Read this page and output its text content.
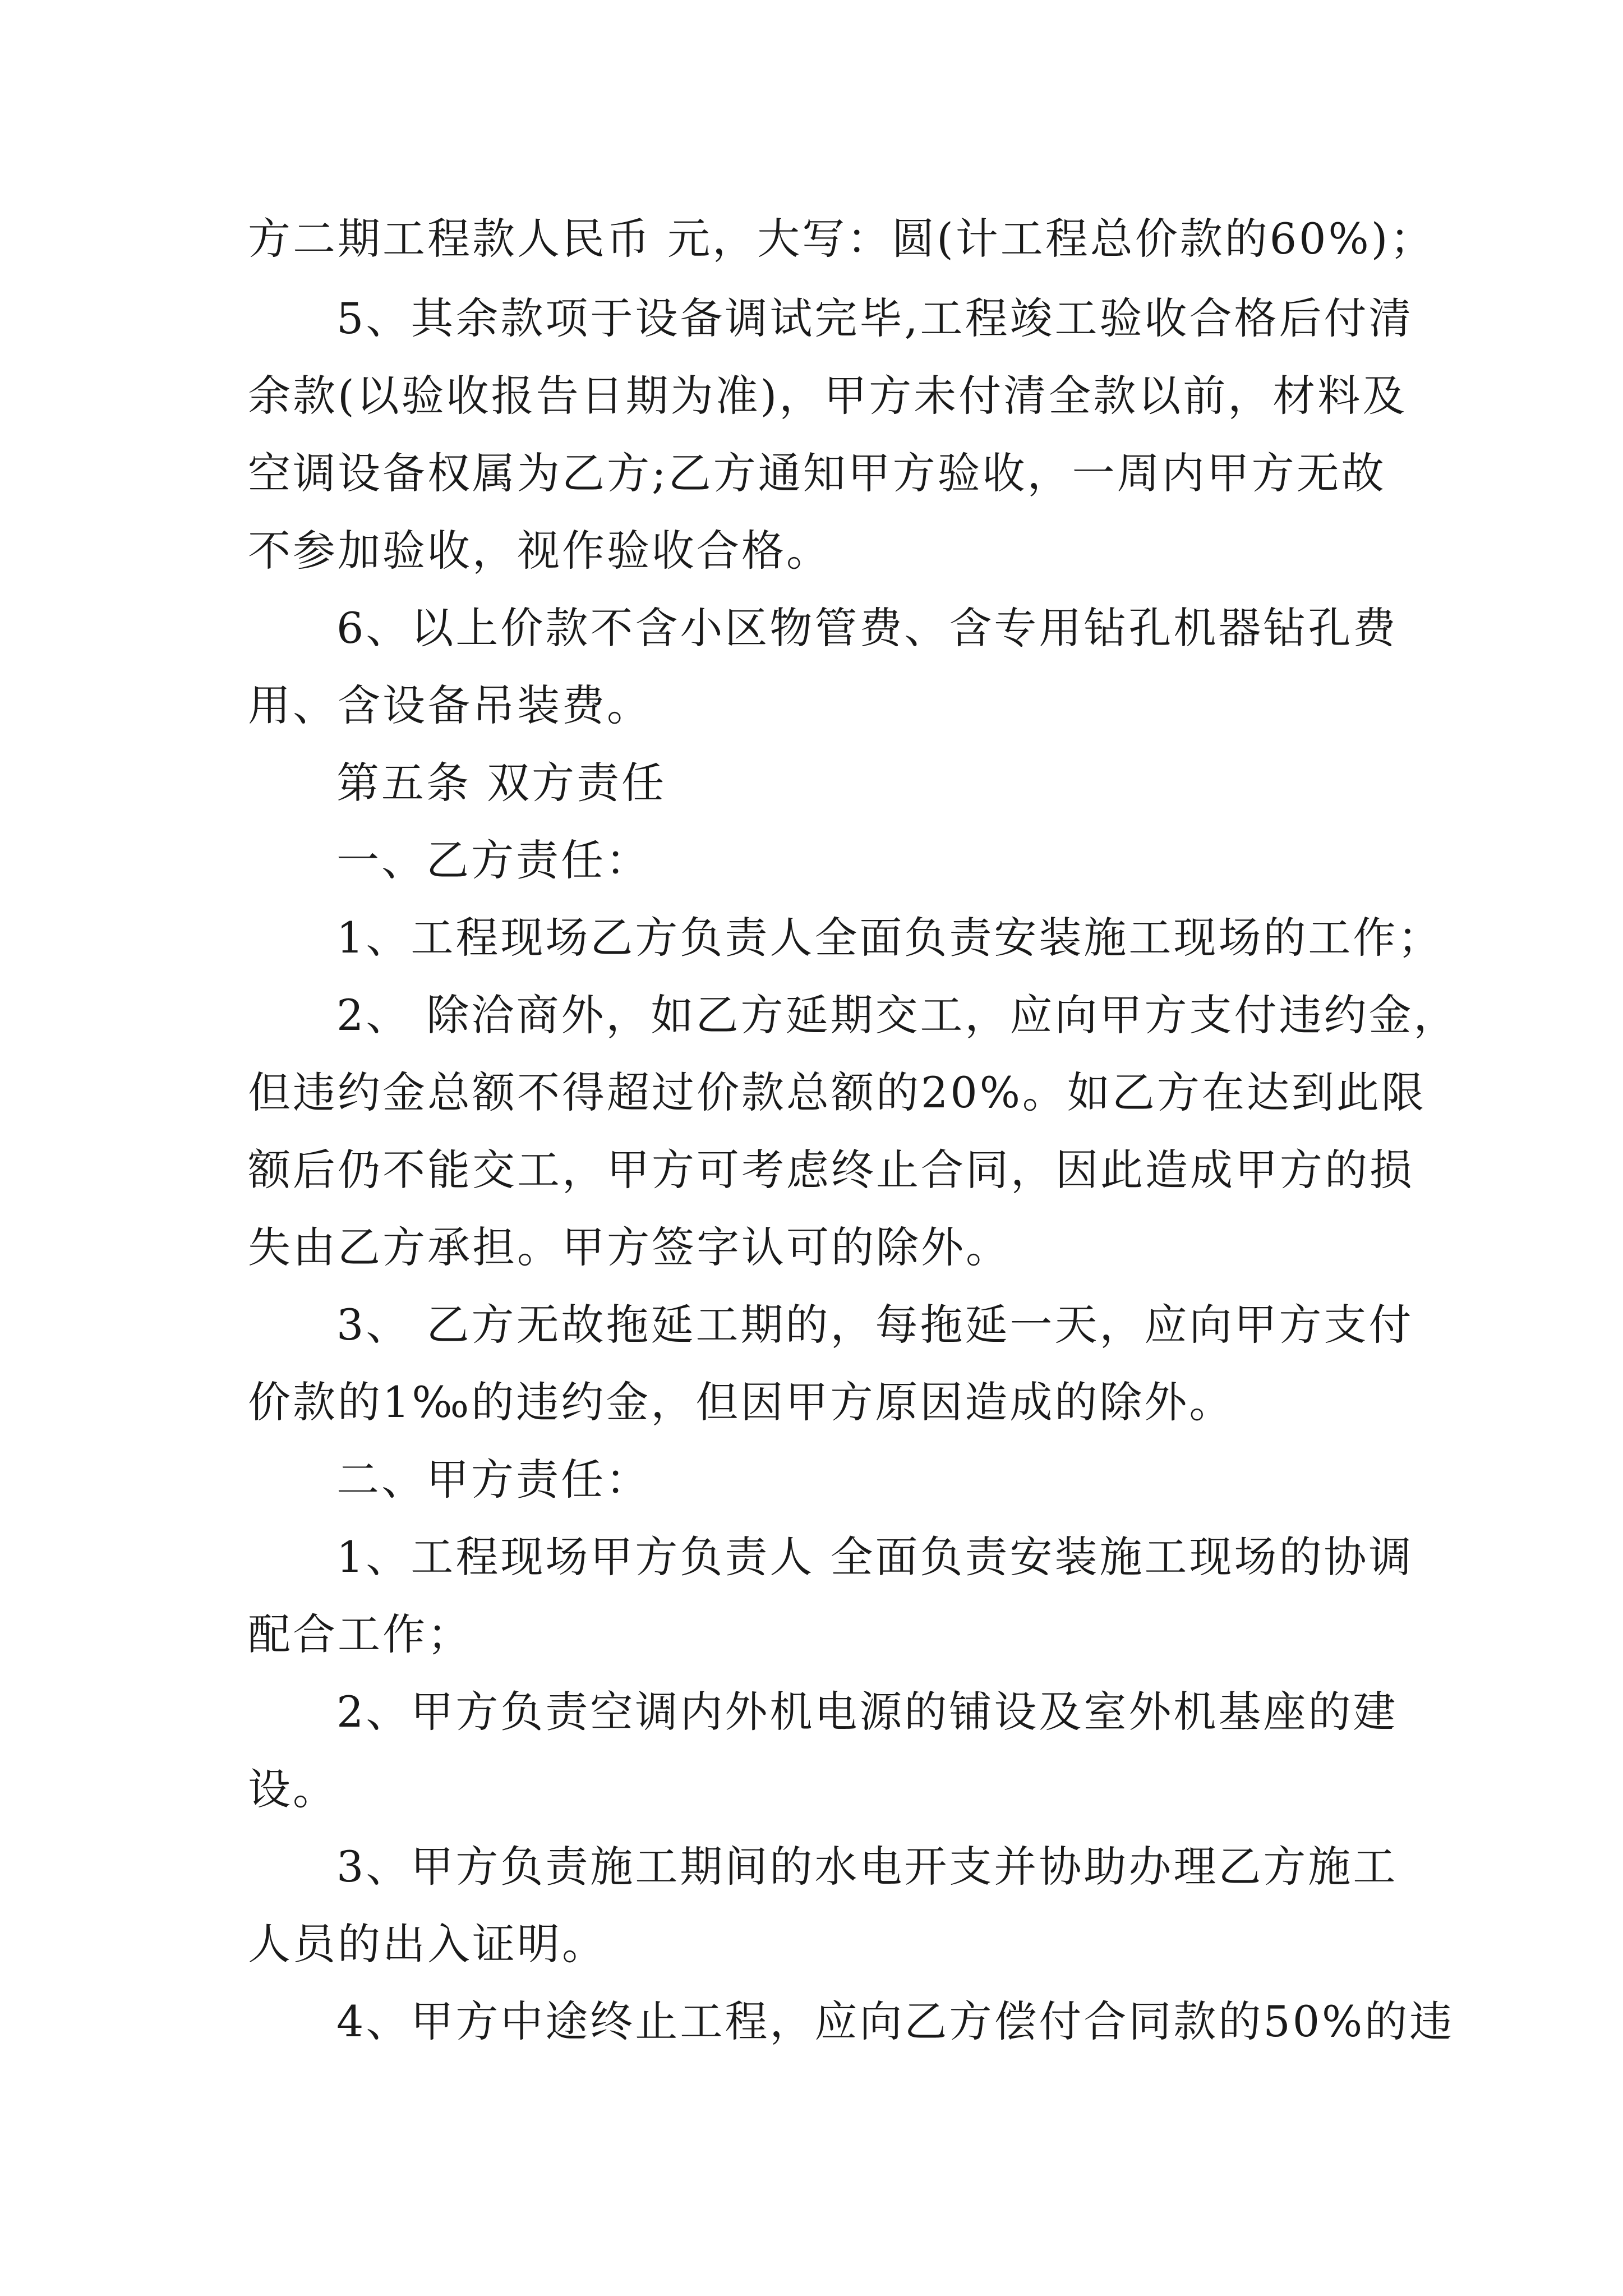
方二期工程款人民币 元，大写：圆(计工程总价款的60%)；
5、其余款项于设备调试完毕,工程竣工验收合格后付清
余款(以验收报告日期为准)，甲方未付清全款以前，材料及
空调设备权属为乙方;乙方通知甲方验收，一周内甲方无故
不参加验收，视作验收合格。
6、以上价款不含小区物管费、含专用钻孔机器钻孔费
用、含设备吊装费。
第五条 双方责任
一、乙方责任：
1、工程现场乙方负责人全面负责安装施工现场的工作；
2、 除洽商外，如乙方延期交工，应向甲方支付违约金，
但违约金总额不得超过价款总额的20%。如乙方在达到此限
额后仍不能交工，甲方可考虑终止合同，因此造成甲方的损
失由乙方承担。甲方签字认可的除外。
3、 乙方无故拖延工期的，每拖延一天，应向甲方支付
价款的1‰的违约金，但因甲方原因造成的除外。
二、甲方责任：
1、工程现场甲方负责人 全面负责安装施工现场的协调
配合工作；
2、甲方负责空调内外机电源的铺设及室外机基座的建
设。
3、甲方负责施工期间的水电开支并协助办理乙方施工
人员的出入证明。
4、甲方中途终止工程，应向乙方偿付合同款的50%的违
